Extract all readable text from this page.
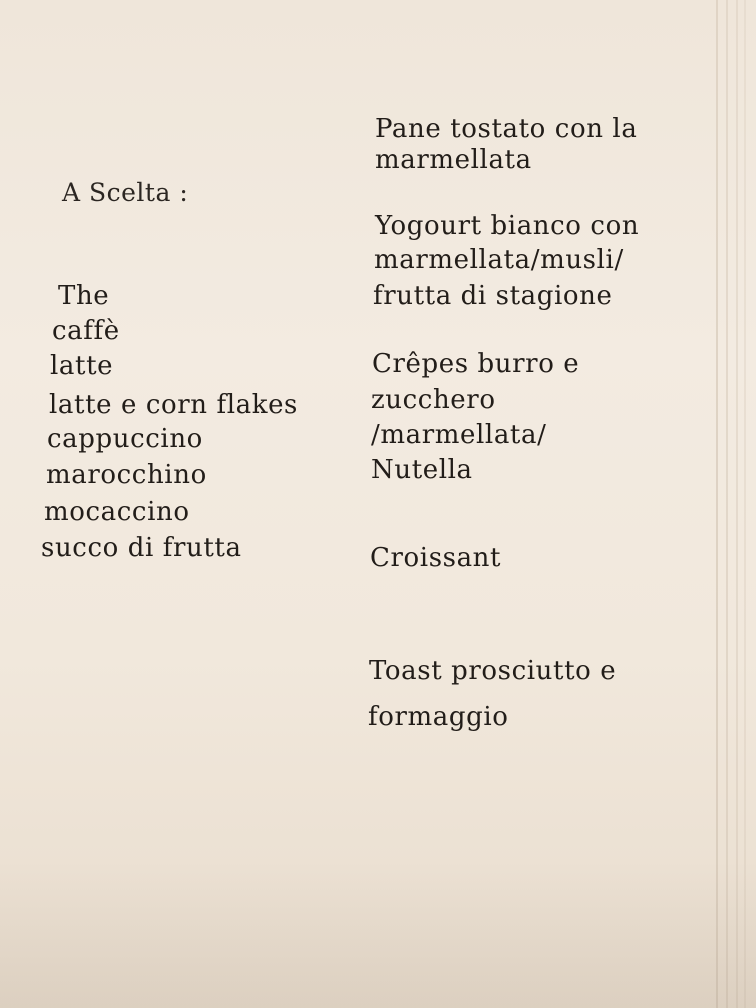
A Scelta :
The
caffè
latte
latte e corn flakes
cappuccino
marocchino
mocaccino
succo di frutta
Pane tostato con la
marmellata
Yogourt bianco con
marmellata/musli/
frutta di stagione
Crêpes burro e
zucchero
/marmellata/
Nutella
Croissant
Toast prosciutto e
formaggio
